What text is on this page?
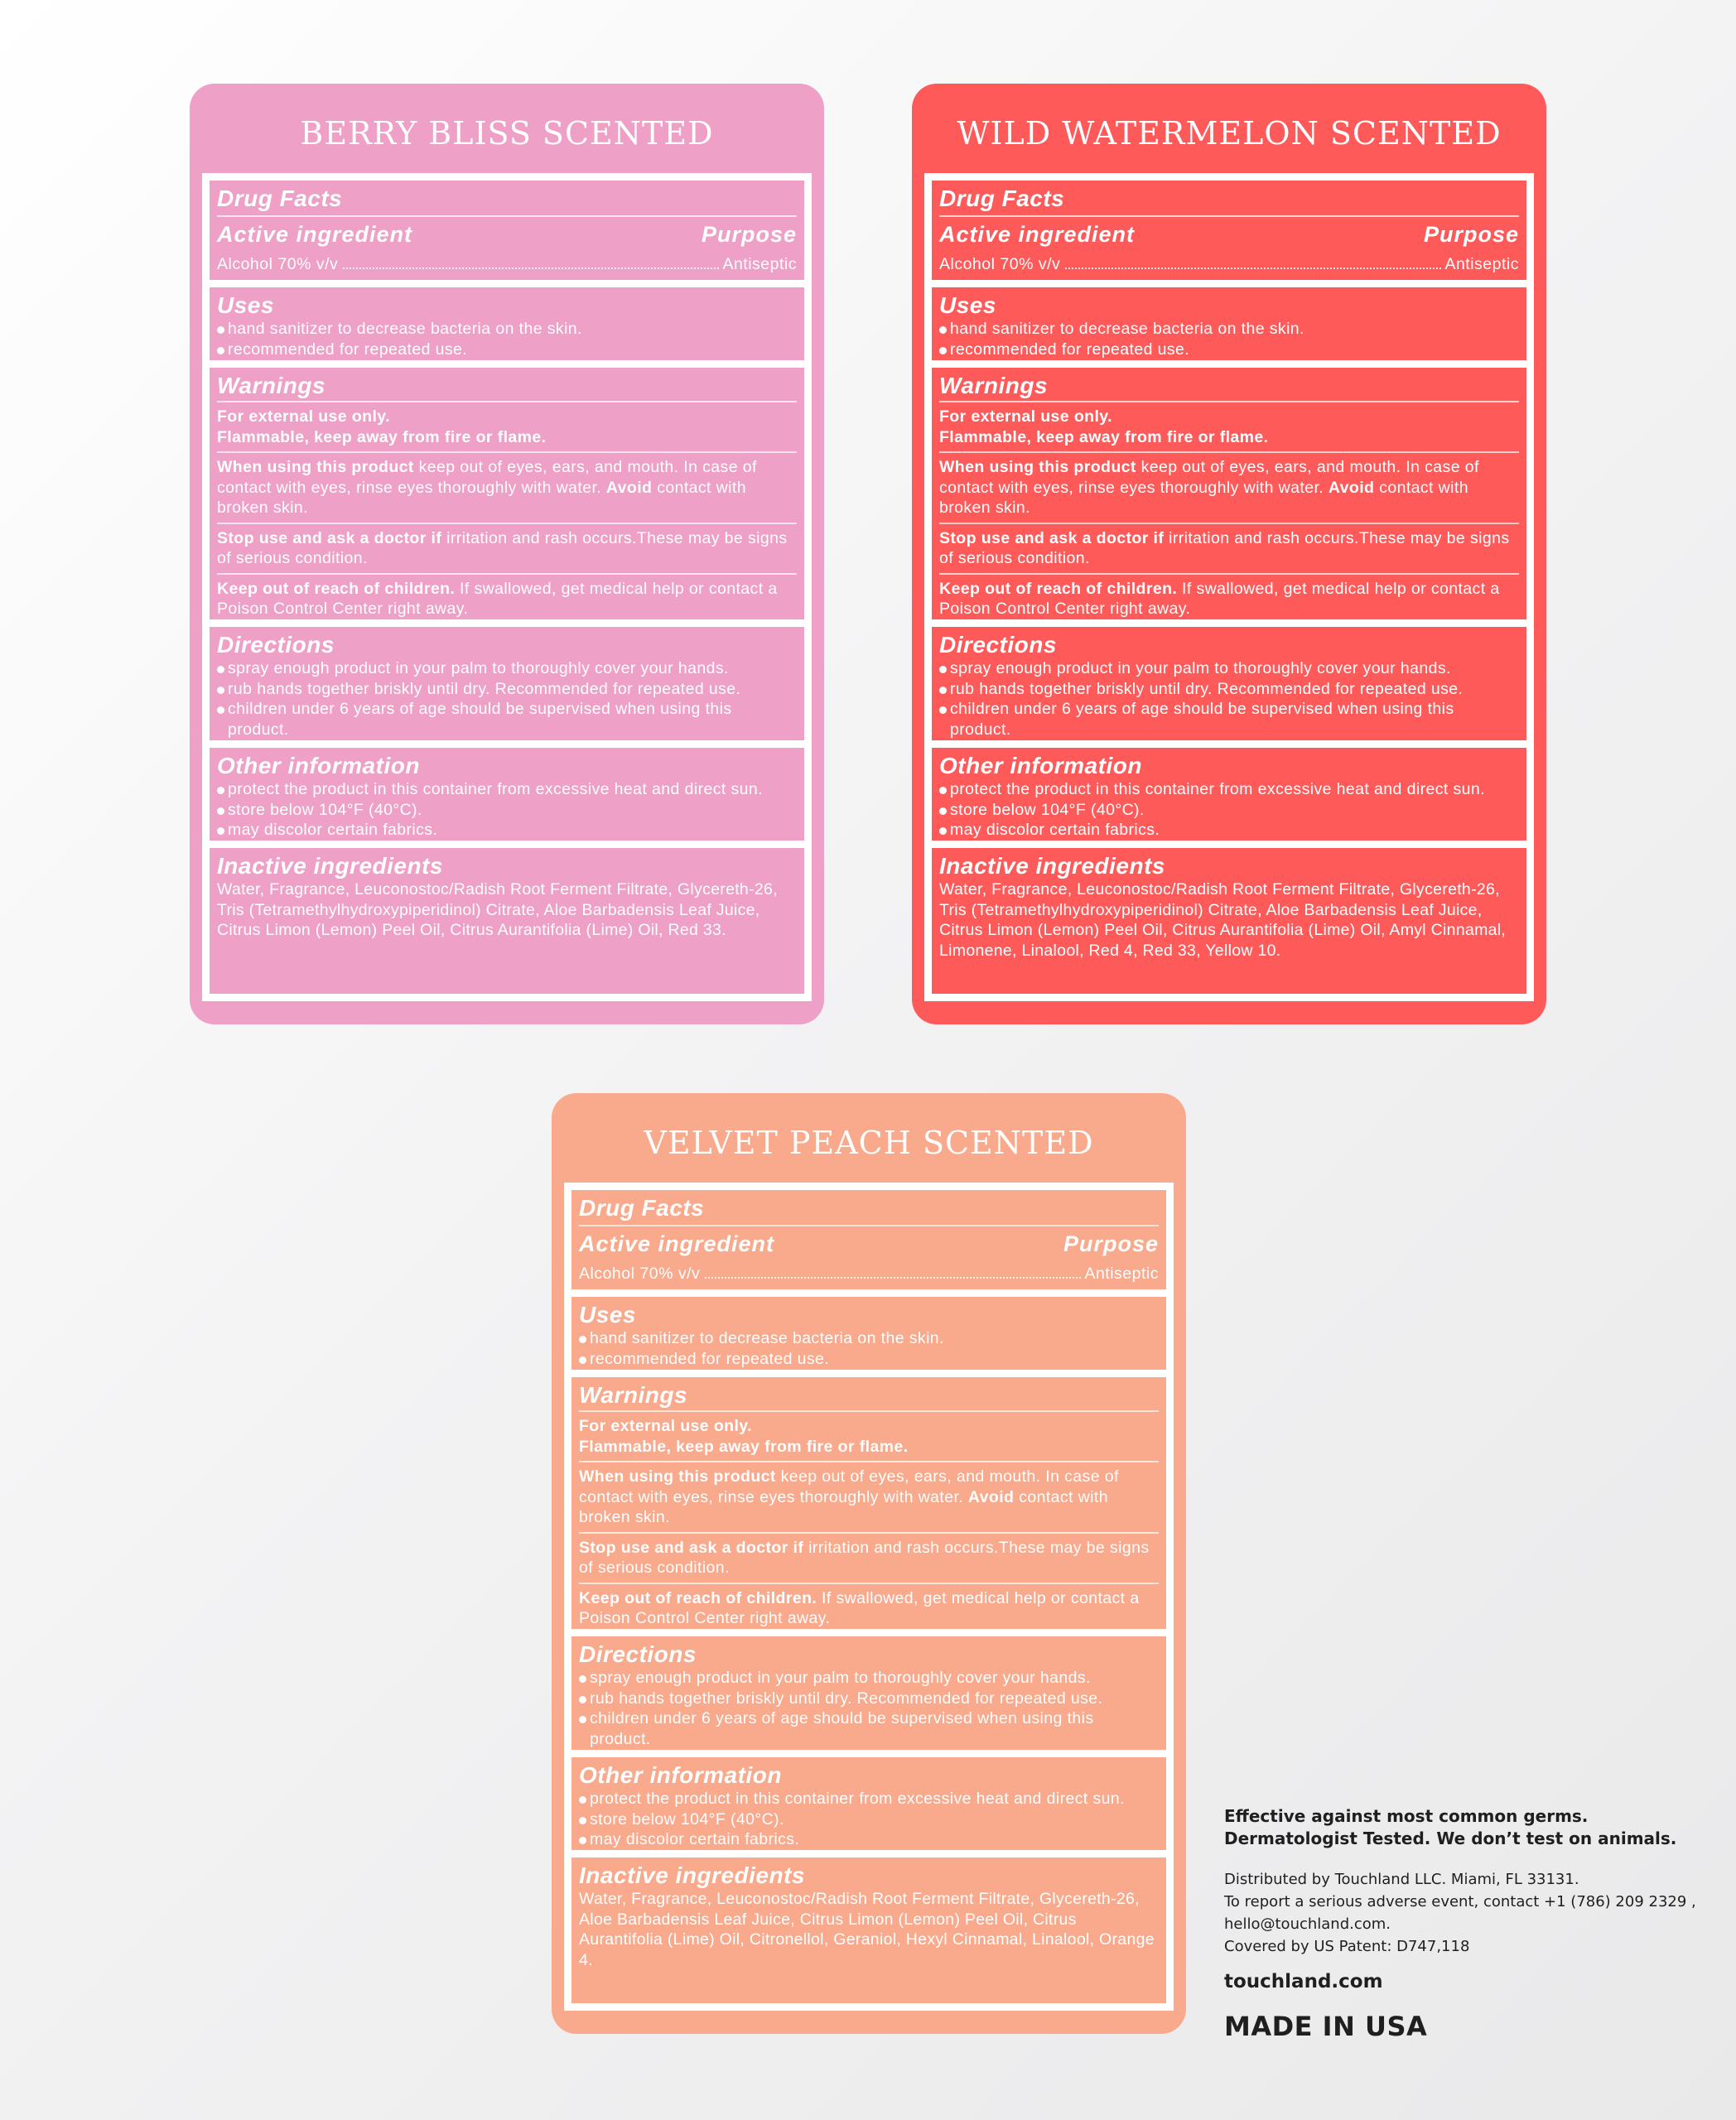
BERRY BLISS SCENTED
Drug Facts
Active ingredient	Purpose
Alcohol 70% v/v	Antiseptic
Uses
hand sanitizer to decrease bacteria on the skin.
recommended for repeated use.
Warnings
For external use only.
Flammable, keep away from fire or flame.
When using this product keep out of eyes, ears, and mouth. In case of contact with eyes, rinse eyes thoroughly with water. Avoid contact with broken skin.
Stop use and ask a doctor if irritation and rash occurs.These may be signs of serious condition.
Keep out of reach of children. If swallowed, get medical help or contact a Poison Control Center right away.
Directions
spray enough product in your palm to thoroughly cover your hands.
rub hands together briskly until dry. Recommended for repeated use.
children under 6 years of age should be supervised when using this product.
Other information
protect the product in this container from excessive heat and direct sun.
store below 104°F (40°C).
may discolor certain fabrics.
Inactive ingredients
Water, Fragrance, Leuconostoc/Radish Root Ferment Filtrate, Glycereth-26, Tris (Tetramethylhydroxypiperidinol) Citrate, Aloe Barbadensis Leaf Juice, Citrus Limon (Lemon) Peel Oil, Citrus Aurantifolia (Lime) Oil, Red 33.
WILD WATERMELON SCENTED
Drug Facts
Active ingredient	Purpose
Alcohol 70% v/v	Antiseptic
Uses
hand sanitizer to decrease bacteria on the skin.
recommended for repeated use.
Warnings
For external use only.
Flammable, keep away from fire or flame.
When using this product keep out of eyes, ears, and mouth. In case of contact with eyes, rinse eyes thoroughly with water. Avoid contact with broken skin.
Stop use and ask a doctor if irritation and rash occurs.These may be signs of serious condition.
Keep out of reach of children. If swallowed, get medical help or contact a Poison Control Center right away.
Directions
spray enough product in your palm to thoroughly cover your hands.
rub hands together briskly until dry. Recommended for repeated use.
children under 6 years of age should be supervised when using this product.
Other information
protect the product in this container from excessive heat and direct sun.
store below 104°F (40°C).
may discolor certain fabrics.
Inactive ingredients
Water, Fragrance, Leuconostoc/Radish Root Ferment Filtrate, Glycereth-26, Tris (Tetramethylhydroxypiperidinol) Citrate, Aloe Barbadensis Leaf Juice, Citrus Limon (Lemon) Peel Oil, Citrus Aurantifolia (Lime) Oil, Amyl Cinnamal, Limonene, Linalool, Red 4, Red 33, Yellow 10.
VELVET PEACH SCENTED
Drug Facts
Active ingredient	Purpose
Alcohol 70% v/v	Antiseptic
Uses
hand sanitizer to decrease bacteria on the skin.
recommended for repeated use.
Warnings
For external use only.
Flammable, keep away from fire or flame.
When using this product keep out of eyes, ears, and mouth. In case of contact with eyes, rinse eyes thoroughly with water. Avoid contact with broken skin.
Stop use and ask a doctor if irritation and rash occurs.These may be signs of serious condition.
Keep out of reach of children. If swallowed, get medical help or contact a Poison Control Center right away.
Directions
spray enough product in your palm to thoroughly cover your hands.
rub hands together briskly until dry. Recommended for repeated use.
children under 6 years of age should be supervised when using this product.
Other information
protect the product in this container from excessive heat and direct sun.
store below 104°F (40°C).
may discolor certain fabrics.
Inactive ingredients
Water, Fragrance, Leuconostoc/Radish Root Ferment Filtrate, Glycereth-26, Aloe Barbadensis Leaf Juice, Citrus Limon (Lemon) Peel Oil, Citrus Aurantifolia (Lime) Oil, Citronellol, Geraniol, Hexyl Cinnamal, Linalool, Orange 4.
Effective against most common germs.
Dermatologist Tested. We don’t test on animals.
Distributed by Touchland LLC. Miami, FL 33131.
To report a serious adverse event, contact +1 (786) 209 2329 ,
hello@touchland.com.
Covered by US Patent: D747,118
touchland.com
MADE IN USA
